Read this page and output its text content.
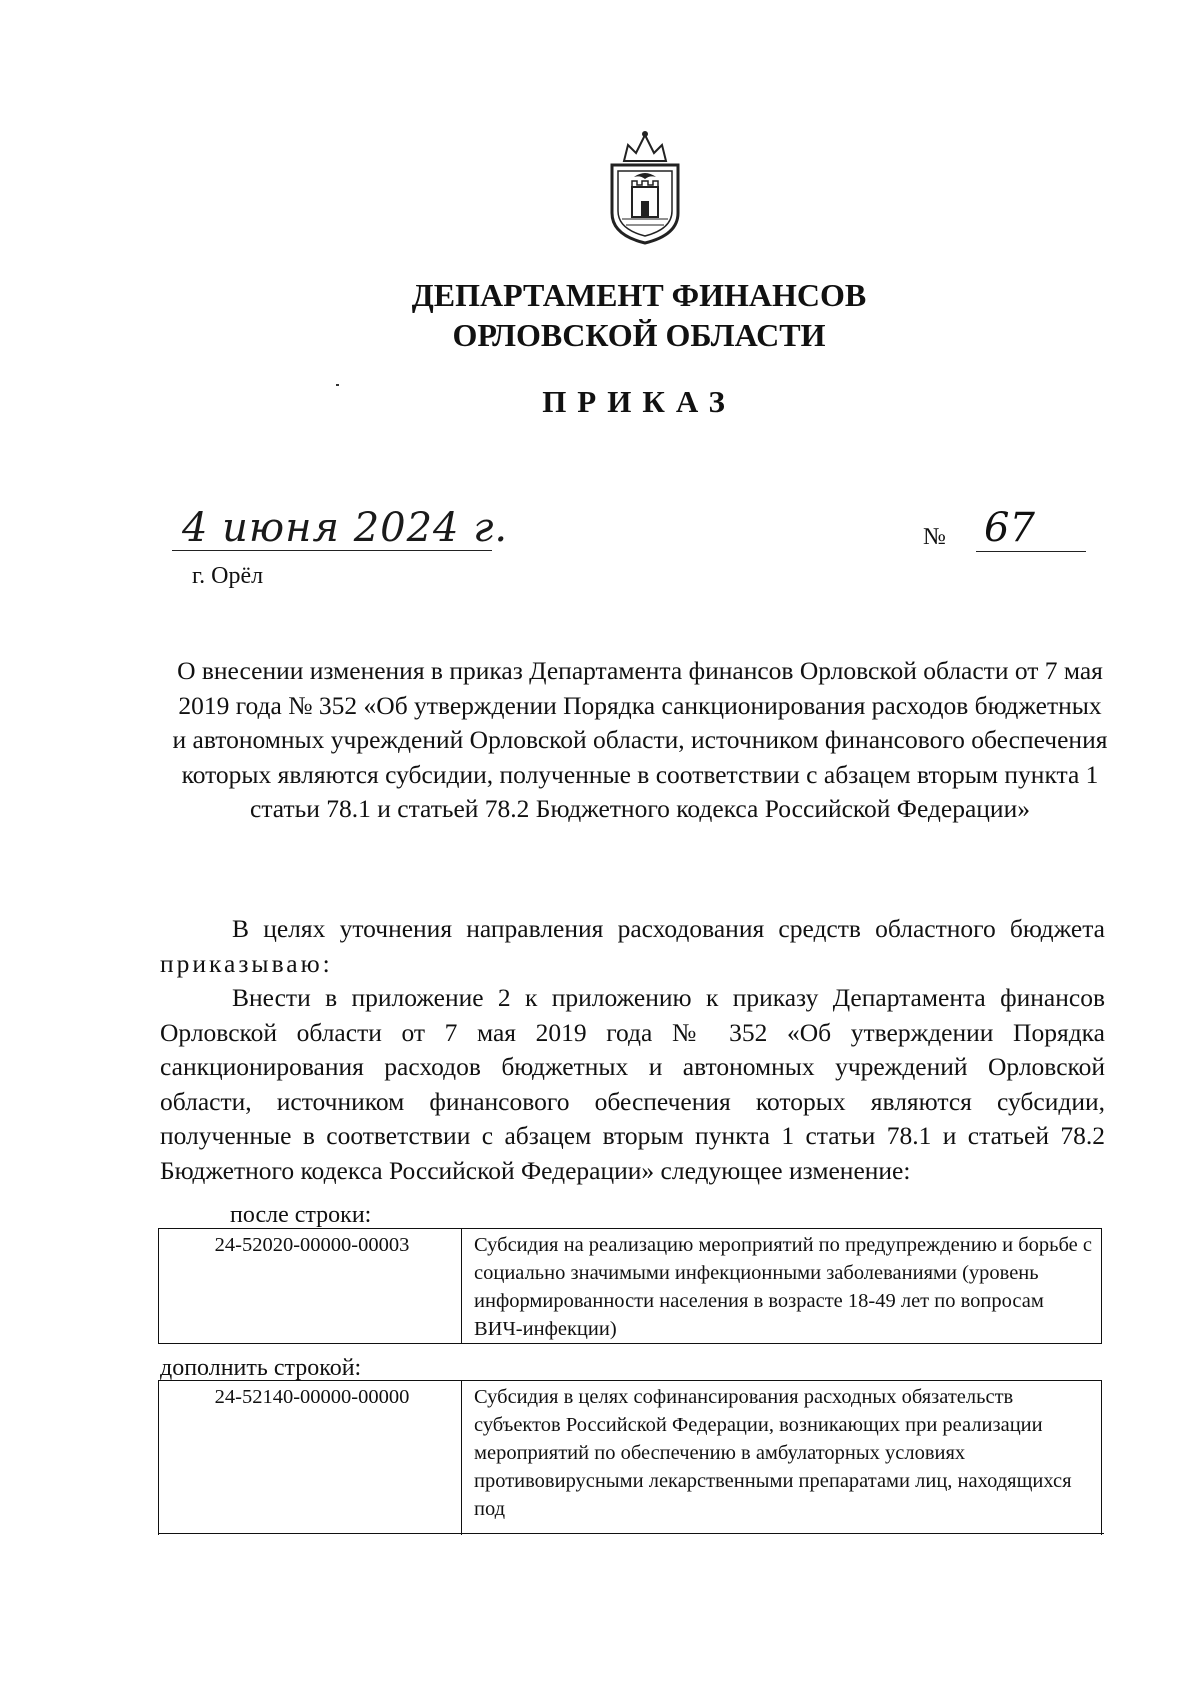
ДЕПАРТАМЕНТ ФИНАНСОВ
ОРЛОВСКОЙ ОБЛАСТИ
ПРИКАЗ
4 июня 2024 г.
г. Орёл
№ 67

О внесении изменения в приказ Департамента финансов Орловской области от 7 мая 2019 года № 352 «Об утверждении Порядка санкционирования расходов бюджетных и автономных учреждений Орловской области, источником финансового обеспечения которых являются субсидии, полученные в соответствии с абзацем вторым пункта 1 статьи 78.1 и статьей 78.2 Бюджетного кодекса Российской Федерации»

В целях уточнения направления расходования средств областного бюджета приказываю:

Внести в приложение 2 к приложению к приказу Департамента финансов Орловской области от 7 мая 2019 года № 352 «Об утверждении Порядка санкционирования расходов бюджетных и автономных учреждений Орловской области, источником финансового обеспечения которых являются субсидии, полученные в соответствии с абзацем вторым пункта 1 статьи 78.1 и статьей 78.2 Бюджетного кодекса Российской Федерации» следующее изменение:

после строки:
24-52020-00000-00003	Субсидия на реализацию мероприятий по предупреждению и борьбе с социально значимыми инфекционными заболеваниями (уровень информированности населения в возрасте 18-49 лет по вопросам ВИЧ-инфекции)
дополнить строкой:
24-52140-00000-00000	Субсидия в целях софинансирования расходных обязательств субъектов Российской Федерации, возникающих при реализации мероприятий по обеспечению в амбулаторных условиях противовирусными лекарственными препаратами лиц, находящихся под
